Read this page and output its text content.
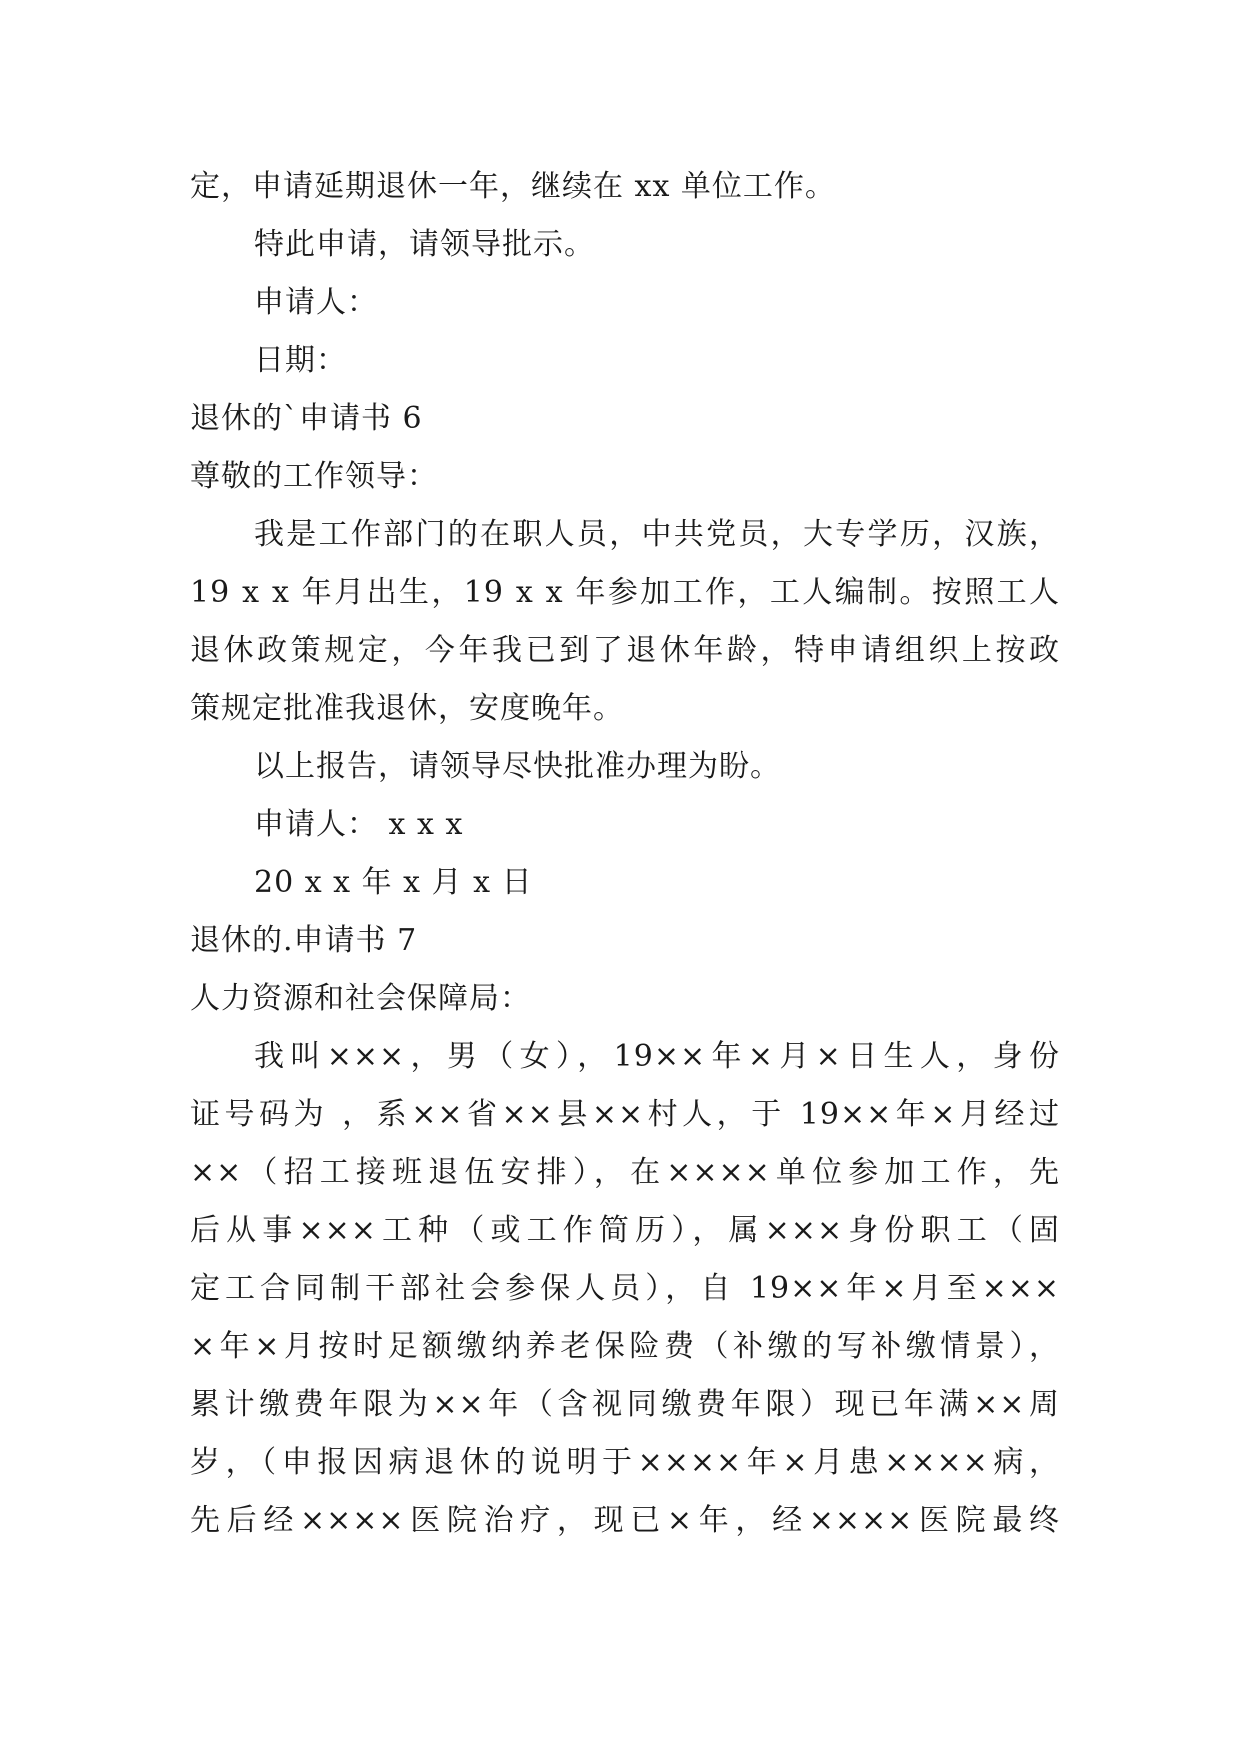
定，申请延期退休一年，继续在 xx 单位工作。
特此申请，请领导批示。
申请人：
日期：
退休的`申请书 6
尊敬的工作领导：
我是工作部门的在职人员，中共党员，大专学历，汉族，
19 x x 年月出生，19 x x 年参加工作，工人编制。按照工人
退休政策规定，今年我已到了退休年龄，特申请组织上按政
策规定批准我退休，安度晚年。
以上报告，请领导尽快批准办理为盼。
申请人： x x x
20 x x 年 x 月 x 日
退休的.申请书 7
人力资源和社会保障局：
我叫×××，男（女），19××年×月×日生人，身份
证号码为 ，系××省××县××村人，于 19××年×月经过
××（招工接班退伍安排），在××××单位参加工作，先
后从事×××工种（或工作简历），属×××身份职工（固
定工合同制干部社会参保人员），自 19××年×月至×××
×年×月按时足额缴纳养老保险费（补缴的写补缴情景），
累计缴费年限为××年（含视同缴费年限）现已年满××周
岁，（申报因病退休的说明于××××年×月患××××病，
先后经××××医院治疗，现已×年，经××××医院最终
